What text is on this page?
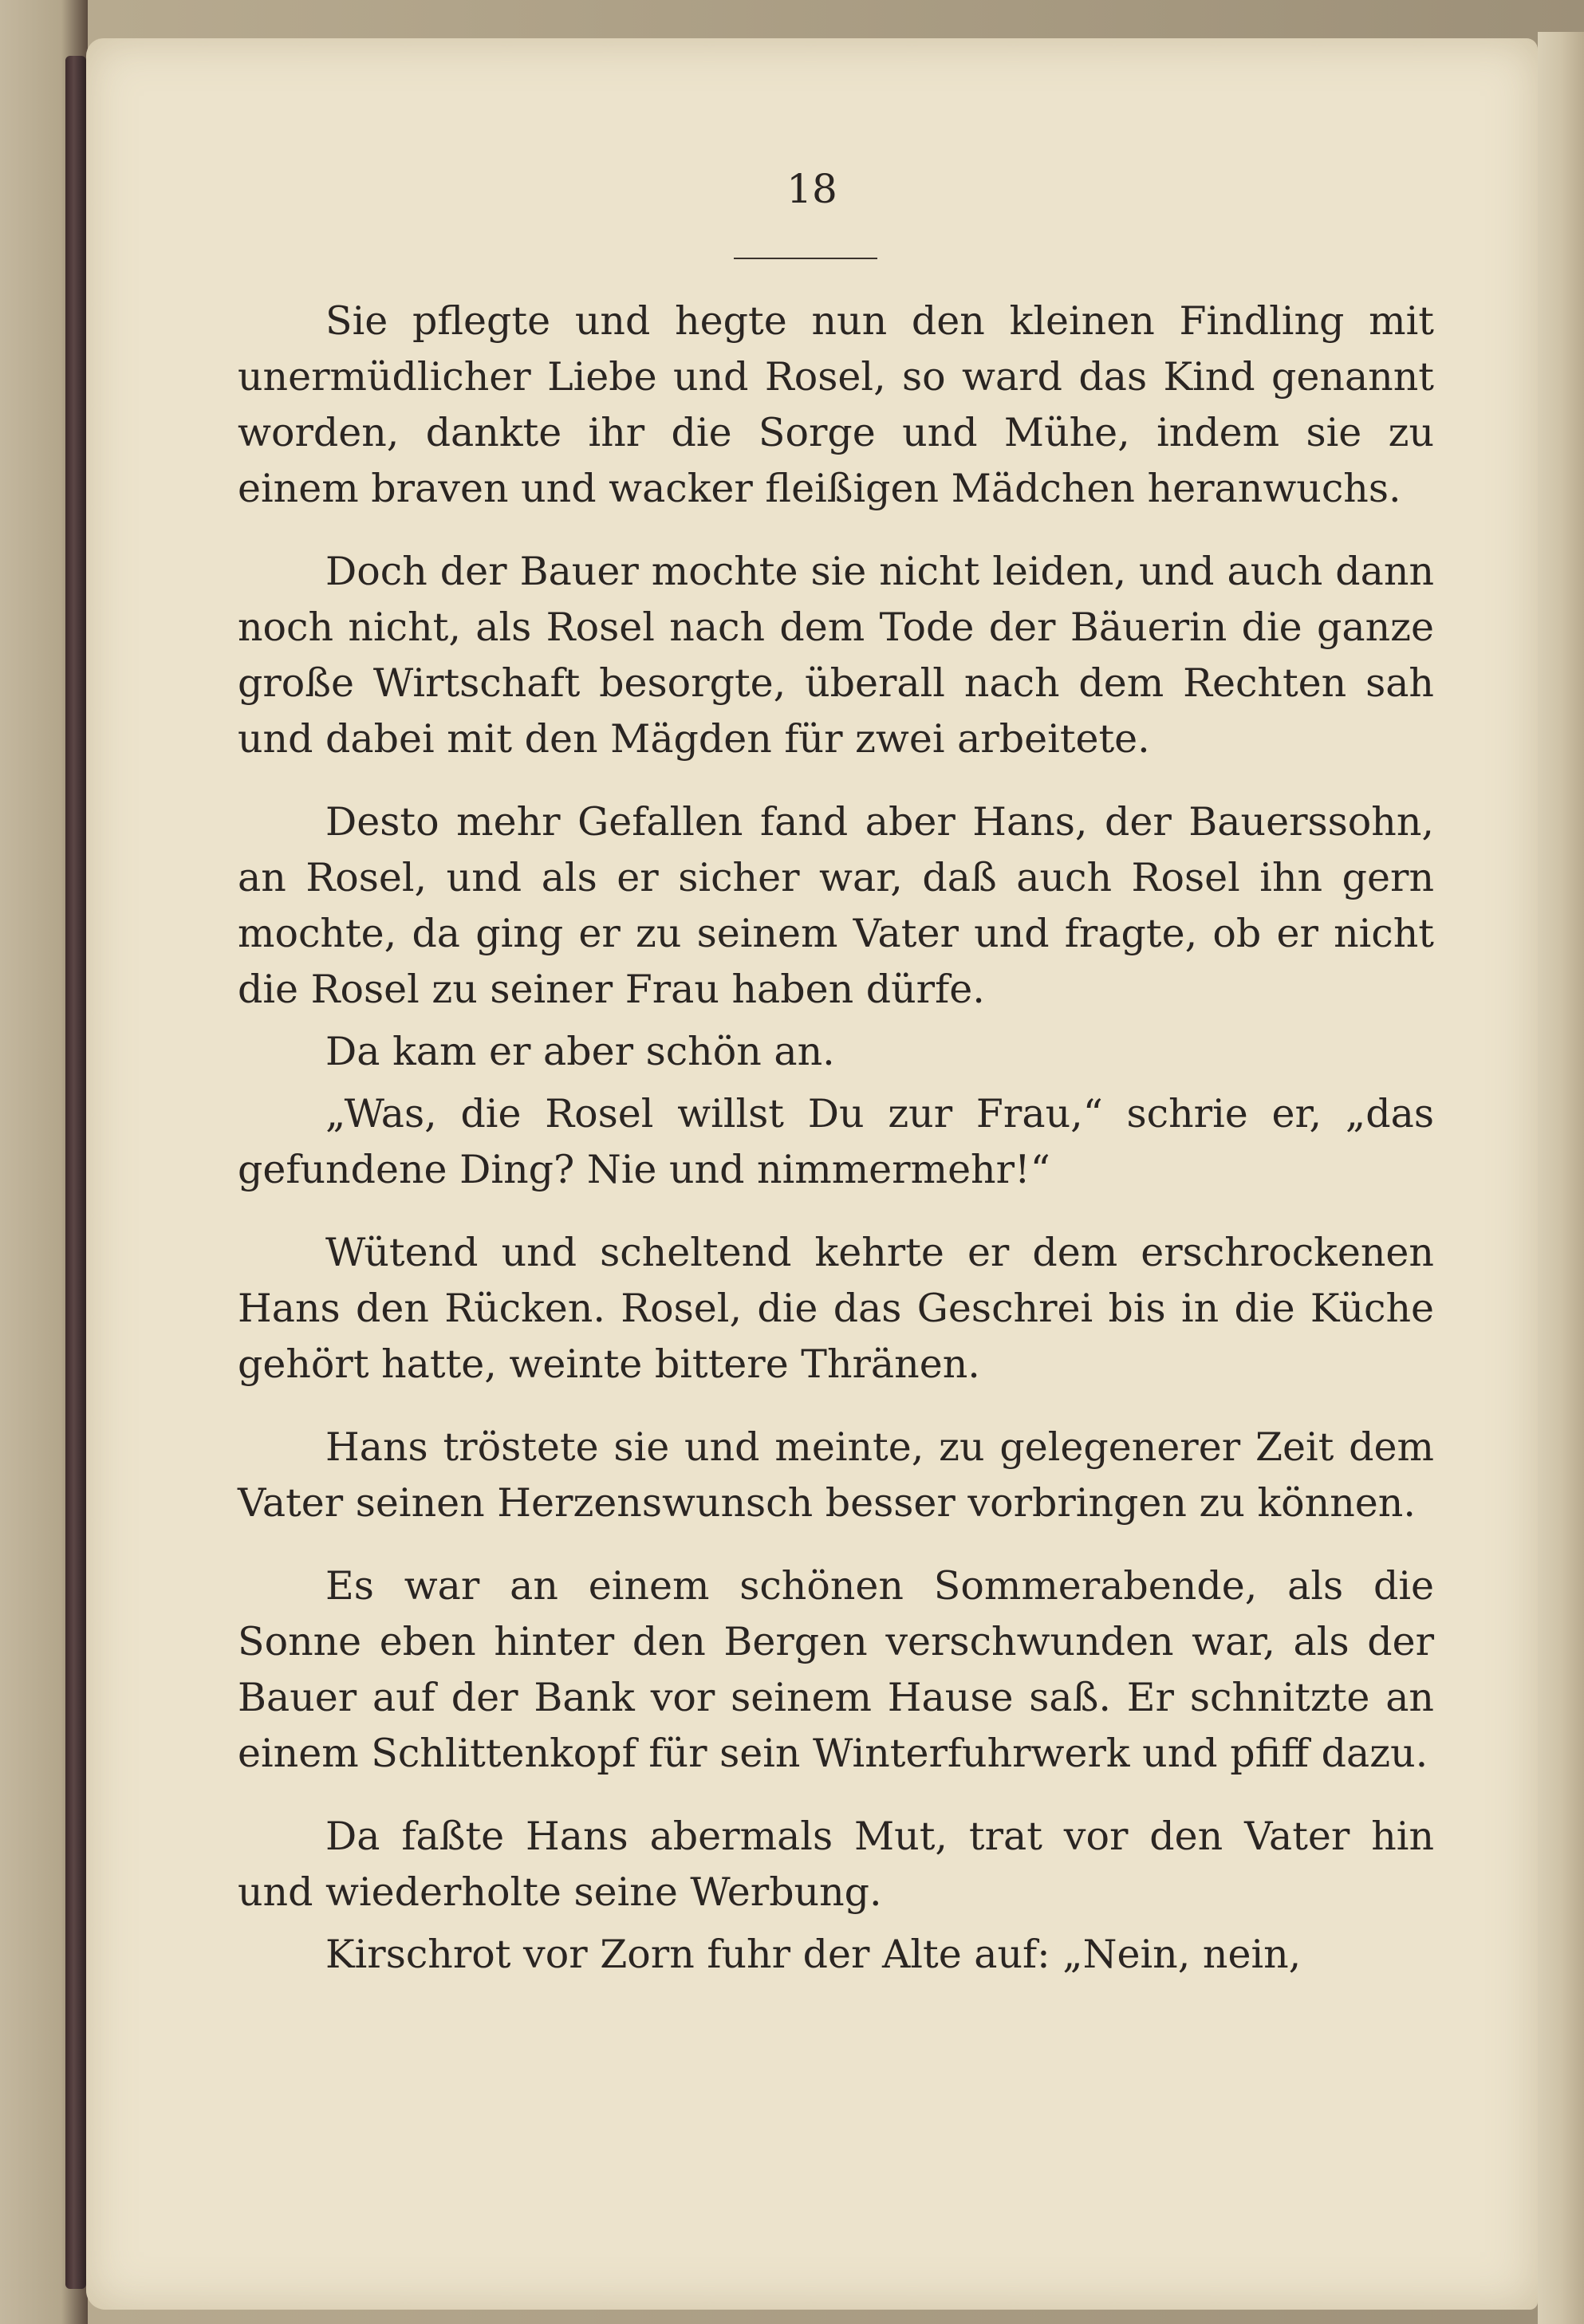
18

Sie pflegte und hegte nun den kleinen Findling mit unermüdlicher Liebe und Rosel, so ward das Kind genannt worden, dankte ihr die Sorge und Mühe, indem sie zu einem braven und wacker fleißigen Mädchen heranwuchs.

Doch der Bauer mochte sie nicht leiden, und auch dann noch nicht, als Rosel nach dem Tode der Bäuerin die ganze große Wirtschaft besorgte, überall nach dem Rechten sah und dabei mit den Mägden für zwei arbeitete.

Desto mehr Gefallen fand aber Hans, der Bauerssohn, an Rosel, und als er sicher war, daß auch Rosel ihn gern mochte, da ging er zu seinem Vater und fragte, ob er nicht die Rosel zu seiner Frau haben dürfe.

Da kam er aber schön an.

„Was, die Rosel willst Du zur Frau,“ schrie er, „das gefundene Ding? Nie und nimmermehr!“

Wütend und scheltend kehrte er dem erschrockenen Hans den Rücken. Rosel, die das Geschrei bis in die Küche gehört hatte, weinte bittere Thränen.

Hans tröstete sie und meinte, zu gelegenerer Zeit dem Vater seinen Herzenswunsch besser vorbringen zu können.

Es war an einem schönen Sommerabende, als die Sonne eben hinter den Bergen verschwunden war, als der Bauer auf der Bank vor seinem Hause saß. Er schnitzte an einem Schlittenkopf für sein Winterfuhrwerk und pfiff dazu.

Da faßte Hans abermals Mut, trat vor den Vater hin und wiederholte seine Werbung.

Kirschrot vor Zorn fuhr der Alte auf: „Nein, nein,
